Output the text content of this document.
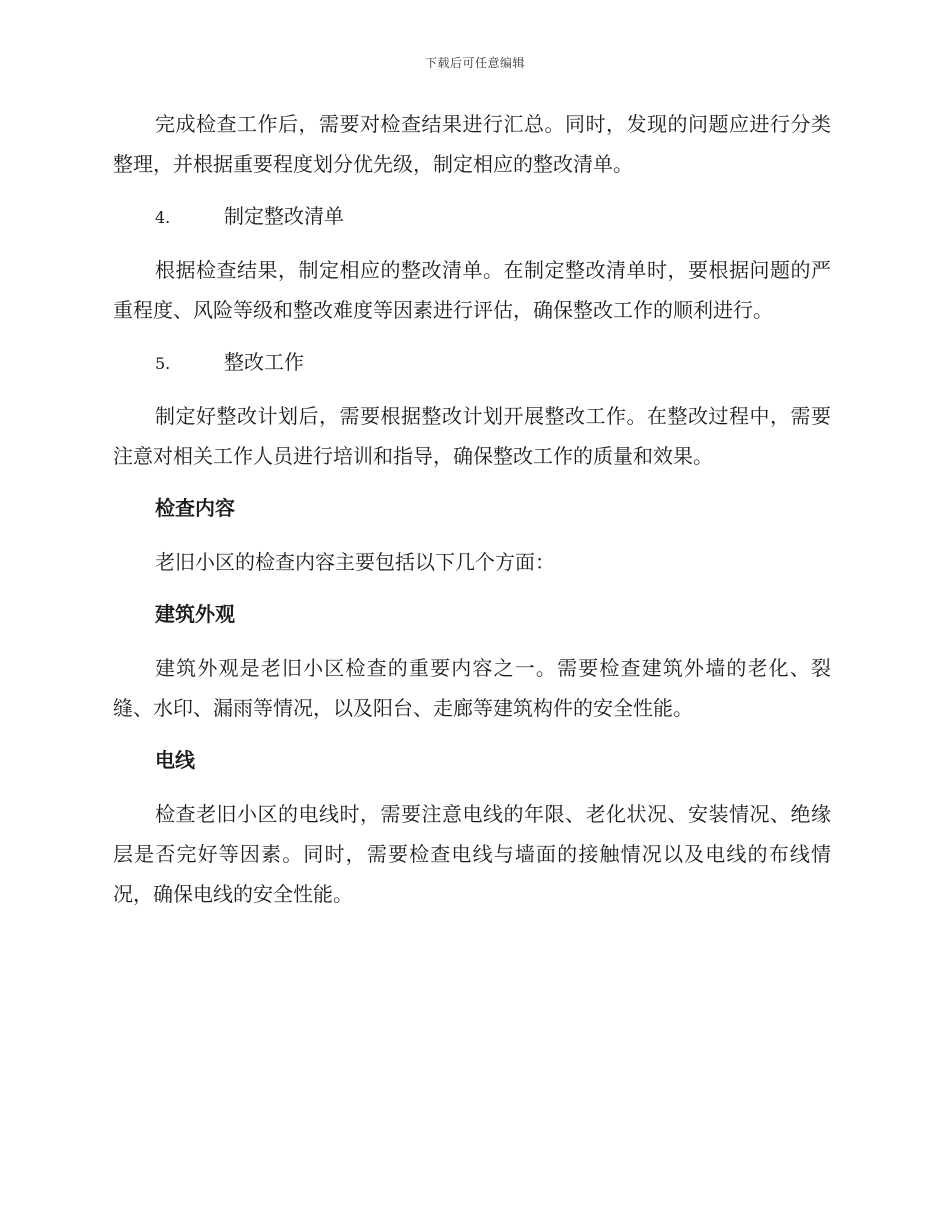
下载后可任意编辑

完成检查工作后，需要对检查结果进行汇总。同时，发现的问题应进行分类整理，并根据重要程度划分优先级，制定相应的整改清单。

4.	制定整改清单

根据检查结果，制定相应的整改清单。在制定整改清单时，要根据问题的严重程度、风险等级和整改难度等因素进行评估，确保整改工作的顺利进行。

5.	整改工作

制定好整改计划后，需要根据整改计划开展整改工作。在整改过程中，需要注意对相关工作人员进行培训和指导，确保整改工作的质量和效果。

检查内容

老旧小区的检查内容主要包括以下几个方面：

建筑外观

建筑外观是老旧小区检查的重要内容之一。需要检查建筑外墙的老化、裂缝、水印、漏雨等情况，以及阳台、走廊等建筑构件的安全性能。

电线

检查老旧小区的电线时，需要注意电线的年限、老化状况、安装情况、绝缘层是否完好等因素。同时，需要检查电线与墙面的接触情况以及电线的布线情况，确保电线的安全性能。
